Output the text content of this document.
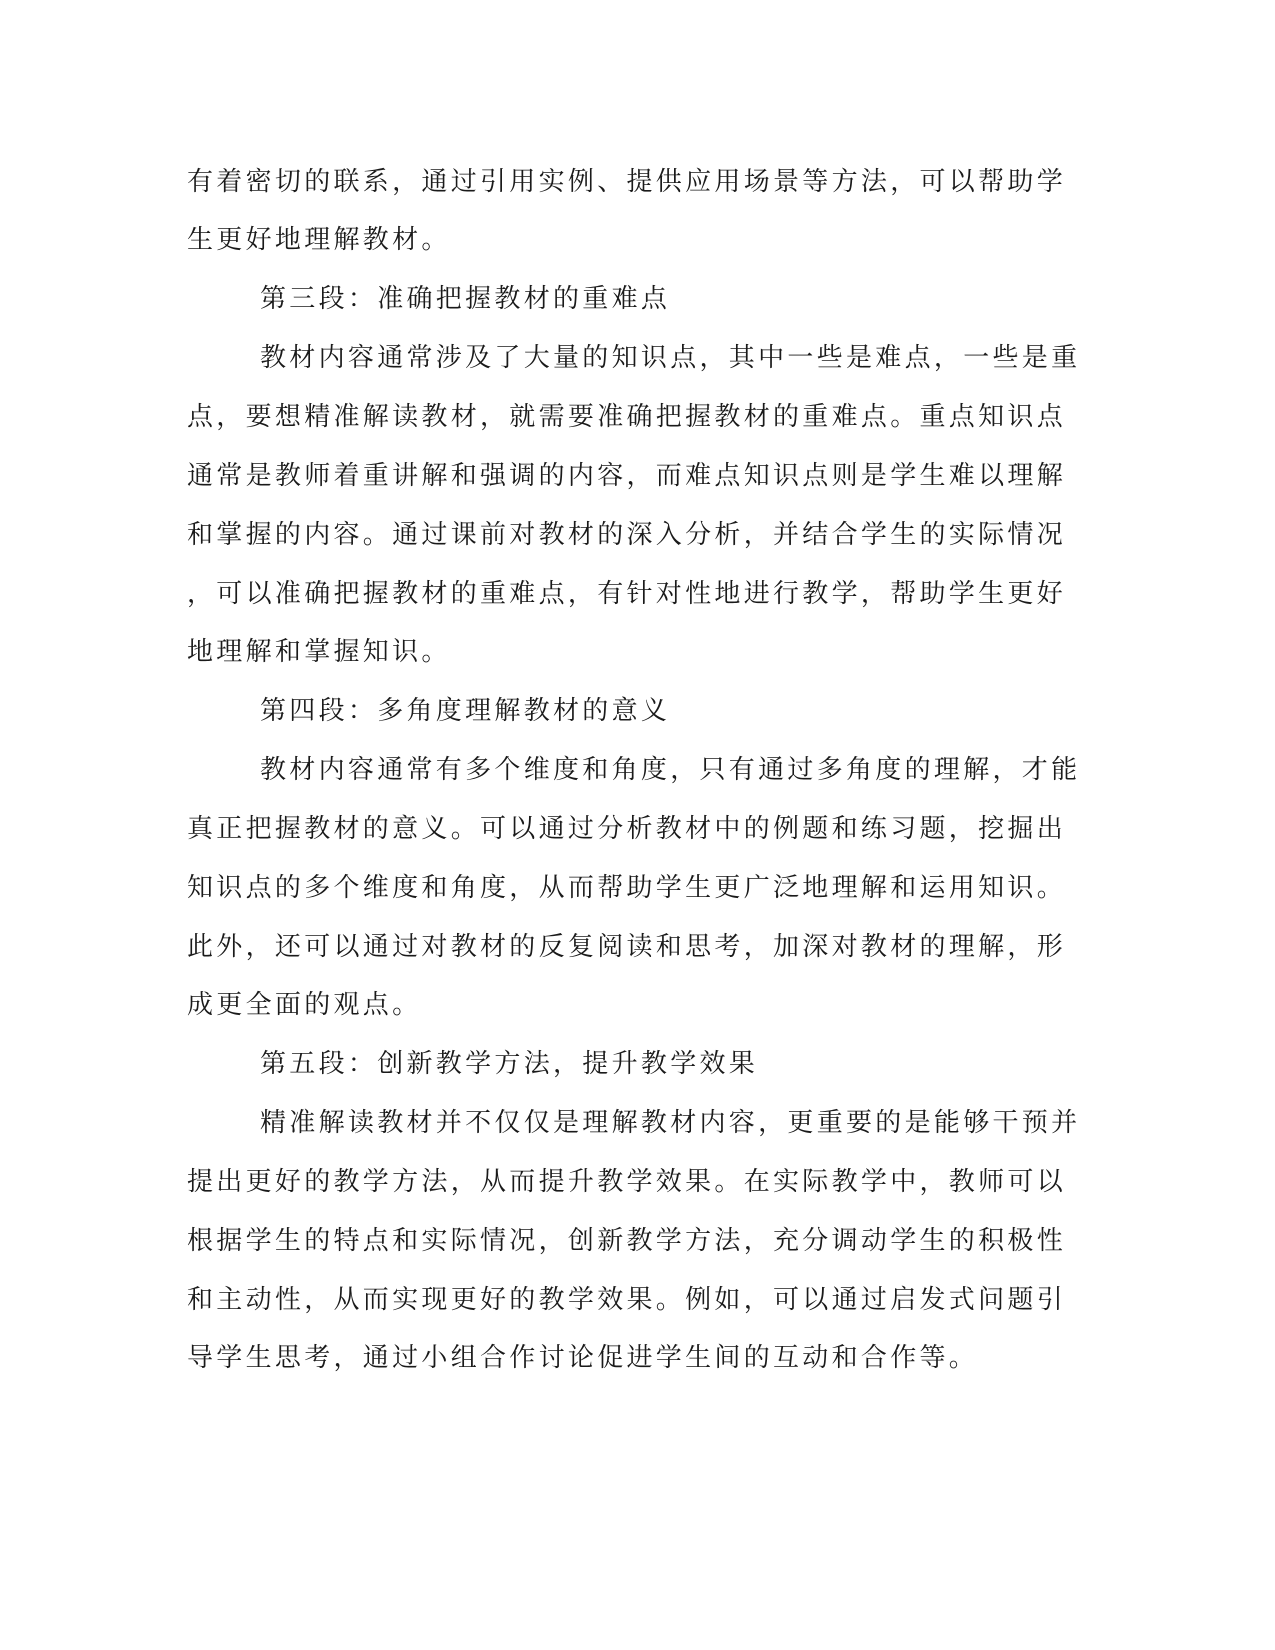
有着密切的联系，通过引用实例、提供应用场景等方法，可以帮助学
生更好地理解教材。
第三段：准确把握教材的重难点
教材内容通常涉及了大量的知识点，其中一些是难点，一些是重
点，要想精准解读教材，就需要准确把握教材的重难点。重点知识点
通常是教师着重讲解和强调的内容，而难点知识点则是学生难以理解
和掌握的内容。通过课前对教材的深入分析，并结合学生的实际情况
，可以准确把握教材的重难点，有针对性地进行教学，帮助学生更好
地理解和掌握知识。
第四段：多角度理解教材的意义
教材内容通常有多个维度和角度，只有通过多角度的理解，才能
真正把握教材的意义。可以通过分析教材中的例题和练习题，挖掘出
知识点的多个维度和角度，从而帮助学生更广泛地理解和运用知识。
此外，还可以通过对教材的反复阅读和思考，加深对教材的理解，形
成更全面的观点。
第五段：创新教学方法，提升教学效果
精准解读教材并不仅仅是理解教材内容，更重要的是能够干预并
提出更好的教学方法，从而提升教学效果。在实际教学中，教师可以
根据学生的特点和实际情况，创新教学方法，充分调动学生的积极性
和主动性，从而实现更好的教学效果。例如，可以通过启发式问题引
导学生思考，通过小组合作讨论促进学生间的互动和合作等。
